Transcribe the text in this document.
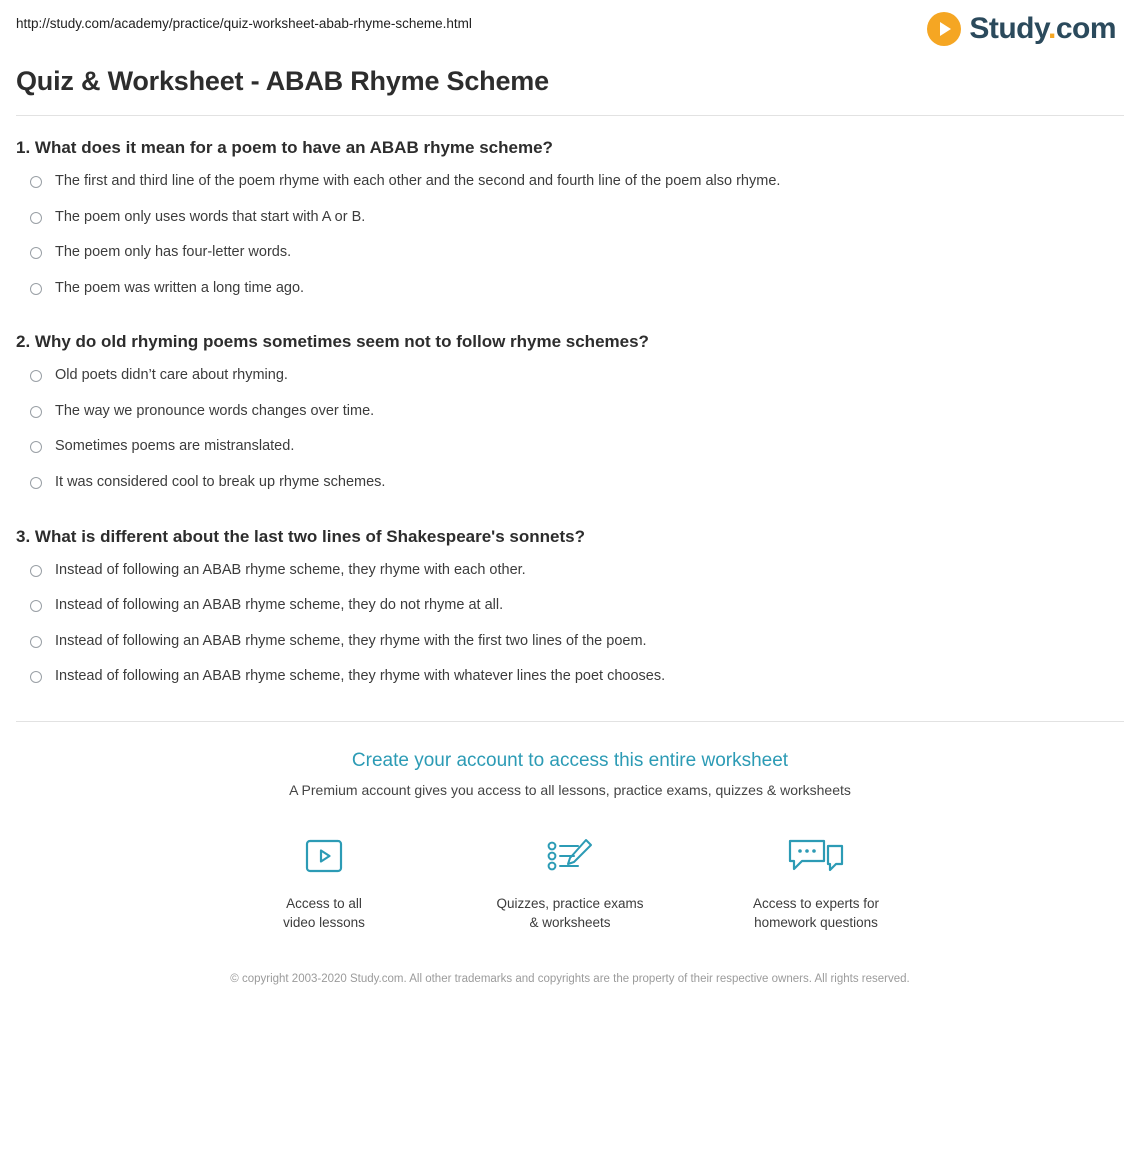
http://study.com/academy/practice/quiz-worksheet-abab-rhyme-scheme.html	Study.com
Quiz & Worksheet - ABAB Rhyme Scheme

1. What does it mean for a poem to have an ABAB rhyme scheme?

The first and third line of the poem rhyme with each other and the second and fourth line of the poem also rhyme.
The poem only uses words that start with A or B.
The poem only has four-letter words.
The poem was written a long time ago.

2. Why do old rhyming poems sometimes seem not to follow rhyme schemes?

Old poets didn’t care about rhyming.
The way we pronounce words changes over time.
Sometimes poems are mistranslated.
It was considered cool to break up rhyme schemes.

3. What is different about the last two lines of Shakespeare's sonnets?

Instead of following an ABAB rhyme scheme, they rhyme with each other.
Instead of following an ABAB rhyme scheme, they do not rhyme at all.
Instead of following an ABAB rhyme scheme, they rhyme with the first two lines of the poem.
Instead of following an ABAB rhyme scheme, they rhyme with whatever lines the poet chooses.

Create your account to access this entire worksheet

A Premium account gives you access to all lessons, practice exams, quizzes & worksheets

Access to all
video lessons
Quizzes, practice exams
& worksheets
Access to experts for
homework questions
© copyright 2003-2020 Study.com. All other trademarks and copyrights are the property of their respective owners. All rights reserved.
